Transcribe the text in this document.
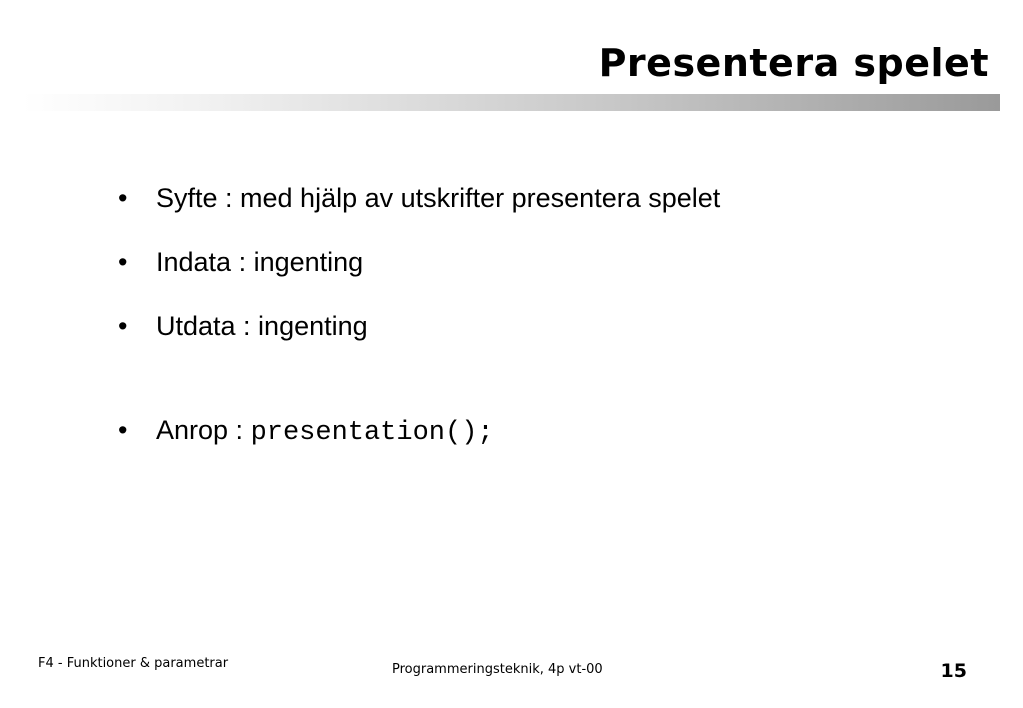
Presentera spelet
• Syfte : med hjälp av utskrifter presentera spelet
• Indata : ingenting
• Utdata : ingenting
• Anrop : presentation();
F4 - Funktioner & parametrar	Programmeringsteknik, 4p vt-00	15
